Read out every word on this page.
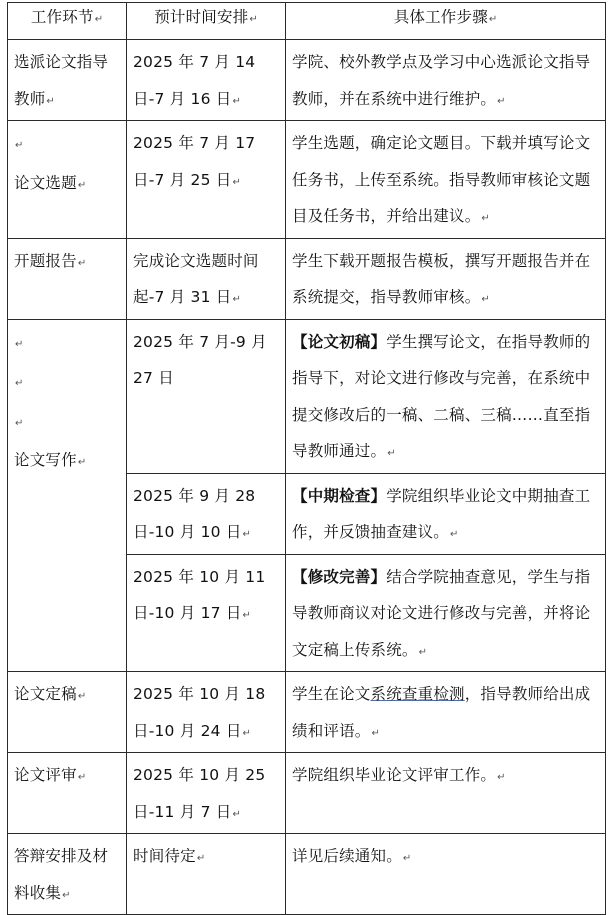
工作环节↵	预计时间安排↵	具体工作步骤↵
选派论文指导教师↵	2025 年 7 月 14 日-7 月 16 日↵	学院、校外教学点及学习中心选派论文指导教师，并在系统中进行维护。↵

↵
论文选题↵	2025 年 7 月 17 日-7 月 25 日↵	学生选题，确定论文题目。下载并填写论文任务书，上传至系统。指导教师审核论文题目及任务书，并给出建议。↵
开题报告↵	完成论文选题时间起-7 月 31 日↵	学生下载开题报告模板，撰写开题报告并在系统提交，指导教师审核。↵

↵
↵
↵
论文写作↵	2025 年 7 月-9 月 27 日	【论文初稿】学生撰写论文，在指导教师的指导下，对论文进行修改与完善，在系统中提交修改后的一稿、二稿、三稿……直至指导教师通过。↵
	2025 年 9 月 28 日-10 月 10 日↵	【中期检查】学院组织毕业论文中期抽查工作，并反馈抽查建议。↵
	2025 年 10 月 11 日-10 月 17 日↵	【修改完善】结合学院抽查意见，学生与指导教师商议对论文进行修改与完善，并将论文定稿上传系统。↵
论文定稿↵	2025 年 10 月 18 日-10 月 24 日↵	学生在论文系统查重检测，指导教师给出成绩和评语。↵
论文评审↵	2025 年 10 月 25 日-11 月 7 日↵	学院组织毕业论文评审工作。↵
答辩安排及材料收集↵	时间待定↵	详见后续通知。↵
